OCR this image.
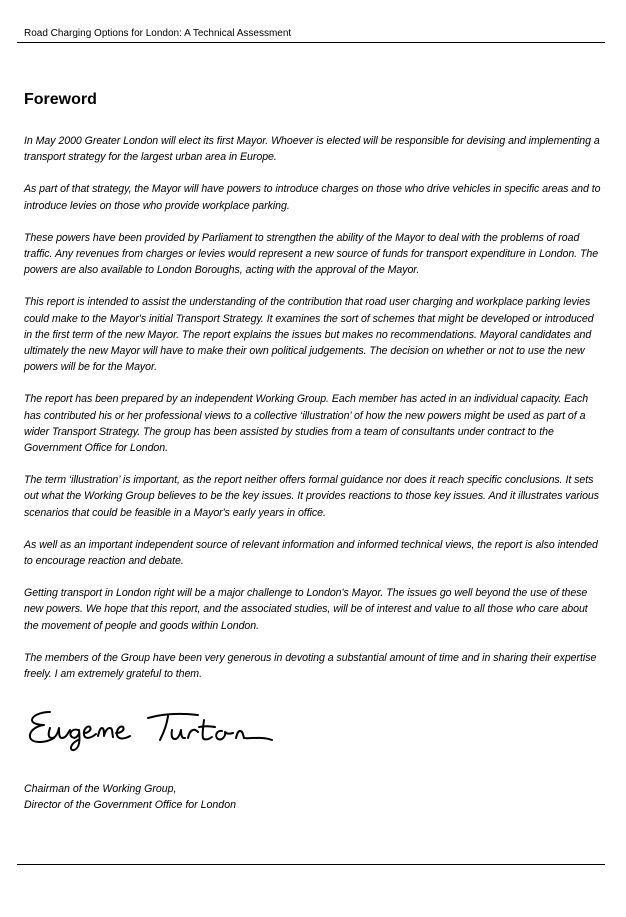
Road Charging Options for London: A Technical Assessment
Foreword

In May 2000 Greater London will elect its first Mayor. Whoever is elected will be responsible for devising and implementing a transport strategy for the largest urban area in Europe.

As part of that strategy, the Mayor will have powers to introduce charges on those who drive vehicles in specific areas and to introduce levies on those who provide workplace parking.

These powers have been provided by Parliament to strengthen the ability of the Mayor to deal with the problems of road traffic. Any revenues from charges or levies would represent a new source of funds for transport expenditure in London. The powers are also available to London Boroughs, acting with the approval of the Mayor.

This report is intended to assist the understanding of the contribution that road user charging and workplace parking levies could make to the Mayor's initial Transport Strategy. It examines the sort of schemes that might be developed or introduced in the first term of the new Mayor. The report explains the issues but makes no recommendations. Mayoral candidates and ultimately the new Mayor will have to make their own political judgements. The decision on whether or not to use the new powers will be for the Mayor.

The report has been prepared by an independent Working Group. Each member has acted in an individual capacity. Each has contributed his or her professional views to a collective ‘illustration’ of how the new powers might be used as part of a wider Transport Strategy. The group has been assisted by studies from a team of consultants under contract to the Government Office for London.

The term ‘illustration’ is important, as the report neither offers formal guidance nor does it reach specific conclusions. It sets out what the Working Group believes to be the key issues. It provides reactions to those key issues. And it illustrates various scenarios that could be feasible in a Mayor's early years in office.

As well as an important independent source of relevant information and informed technical views, the report is also intended to encourage reaction and debate.

Getting transport in London right will be a major challenge to London's Mayor. The issues go well beyond the use of these new powers. We hope that this report, and the associated studies, will be of interest and value to all those who care about the movement of people and goods within London.

The members of the Group have been very generous in devoting a substantial amount of time and in sharing their expertise freely. I am extremely grateful to them.

Chairman of the Working Group,
Director of the Government Office for London
